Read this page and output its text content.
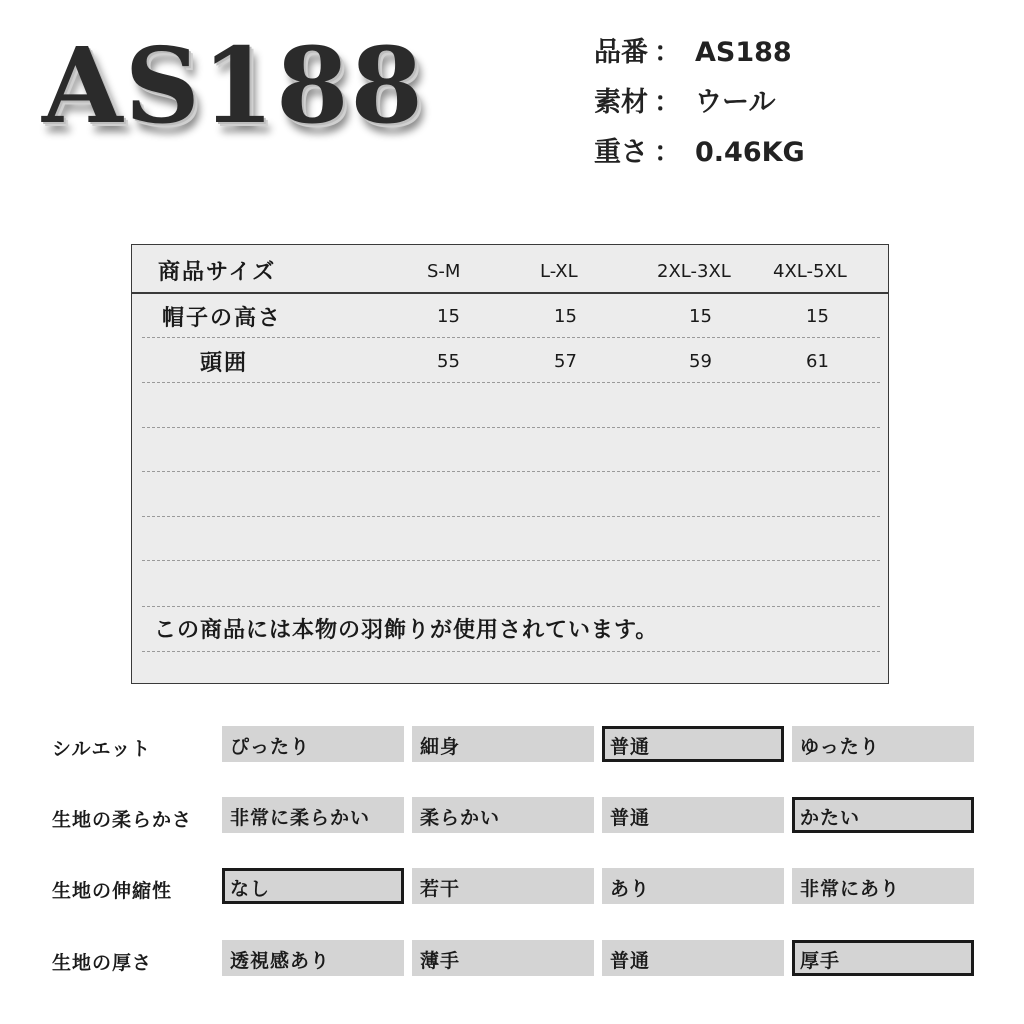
AS188	品番 ： AS188
素材 ： ウール
重さ ： 0.46KG
商品サイズ	S-M	L-XL	2XL-3XL 4XL-5XL
帽子の高さ	15	15	15	15
頭囲	55	57	59	61
この商品には本物の羽飾りが使用されています。
シルエット	ぴったり	細身	普通	ゆったり
生地の柔らかさ	非常に柔らかい	柔らかい	普通	かたい
生地の伸縮性	なし	若干	あり	非常にあり
生地の厚さ	透視感あり	薄手	普通	厚手
